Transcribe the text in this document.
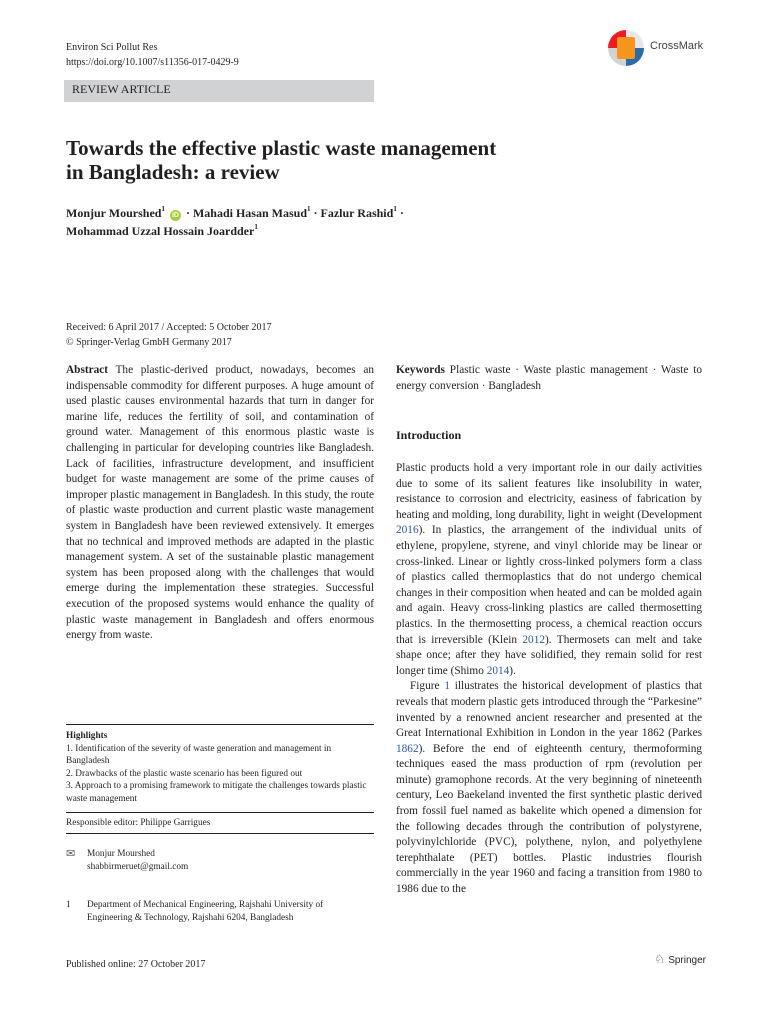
Environ Sci Pollut Res
https://doi.org/10.1007/s11356-017-0429-9
CrossMark
REVIEW ARTICLE
Towards the effective plastic waste management
in Bangladesh: a review
Monjur Mourshed$^1$ iD · Mahadi Hasan Masud$^1$ · Fazlur Rashid$^1$ ·
Mohammad Uzzal Hossain Joardder$^1$
Received: 6 April 2017 / Accepted: 5 October 2017
© Springer-Verlag GmbH Germany 2017

Abstract The plastic-derived product, nowadays, becomes an indispensable commodity for different purposes. A huge amount of used plastic causes environmental hazards that turn in danger for marine life, reduces the fertility of soil, and contamination of ground water. Management of this enormous plastic waste is challenging in particular for developing countries like Bangladesh. Lack of facilities, infrastructure development, and insufficient budget for waste management are some of the prime causes of improper plastic management in Bangladesh. In this study, the route of plastic waste production and current plastic waste management system in Bangladesh have been reviewed extensively. It emerges that no technical and improved methods are adapted in the plastic management system. A set of the sustainable plastic management system has been proposed along with the challenges that would emerge during the implementation these strategies. Successful execution of the proposed systems would enhance the quality of plastic waste management in Bangladesh and offers enormous energy from waste.

Highlights
1. Identification of the severity of waste generation and management in Bangladesh
2. Drawbacks of the plastic waste scenario has been figured out
3. Approach to a promising framework to mitigate the challenges towards plastic waste management
Responsible editor: Philippe Garrigues
✉ Monjur Mourshed
shabbirmeruet@gmail.com
1 Department of Mechanical Engineering, Rajshahi University of
Engineering & Technology, Rajshahi 6204, Bangladesh
Published online: 27 October 2017

Keywords Plastic waste · Waste plastic management · Waste to energy conversion · Bangladesh

Introduction

Plastic products hold a very important role in our daily activities due to some of its salient features like insolubility in water, resistance to corrosion and electricity, easiness of fabrication by heating and molding, long durability, light in weight (Development 2016). In plastics, the arrangement of the individual units of ethylene, propylene, styrene, and vinyl chloride may be linear or cross-linked. Linear or lightly cross-linked polymers form a class of plastics called thermoplastics that do not undergo chemical changes in their composition when heated and can be molded again and again. Heavy cross-linking plastics are called thermosetting plastics. In the thermosetting process, a chemical reaction occurs that is irreversible (Klein 2012). Thermosets can melt and take shape once; after they have solidified, they remain solid for rest longer time (Shimo 2014).

Figure 1 illustrates the historical development of plastics that reveals that modern plastic gets introduced through the “Parkesine” invented by a renowned ancient researcher and presented at the Great International Exhibition in London in the year 1862 (Parkes 1862). Before the end of eighteenth century, thermoforming techniques eased the mass production of rpm (revolution per minute) gramophone records. At the very beginning of nineteenth century, Leo Baekeland invented the first synthetic plastic derived from fossil fuel named as bakelite which opened a dimension for the following decades through the contribution of polystyrene, polyvinylchloride (PVC), polythene, nylon, and polyethylene terephthalate (PET) bottles. Plastic industries flourish commercially in the year 1960 and facing a transition from 1980 to 1986 due to the

♘ Springer
